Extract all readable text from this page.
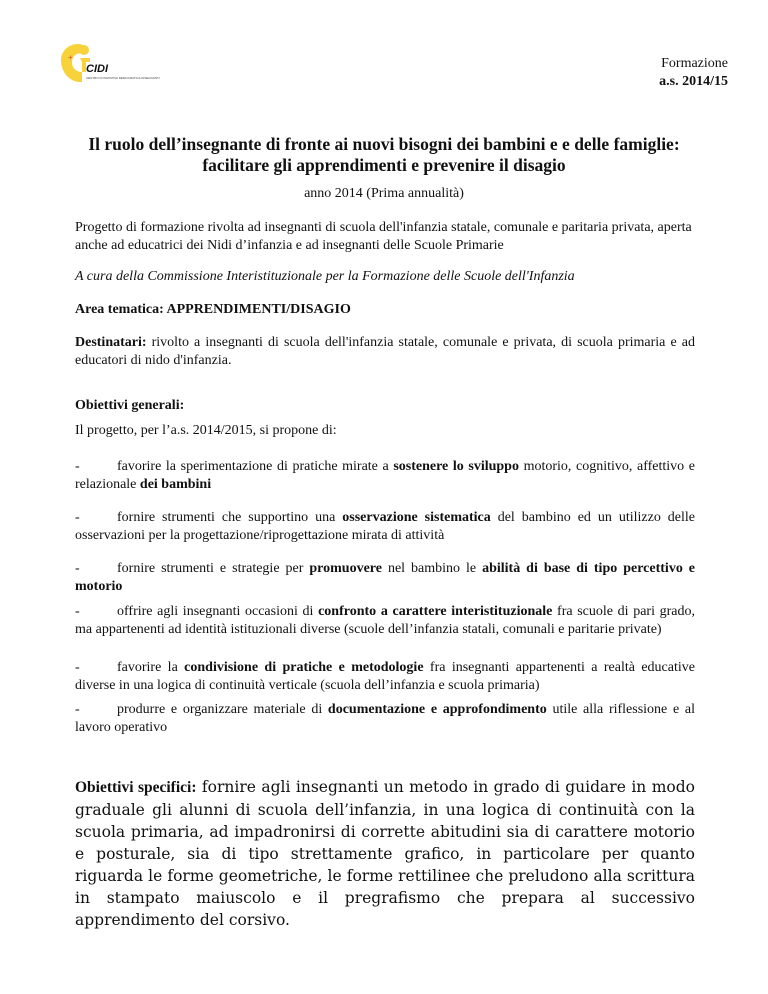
+
CIDI
CENTRO DI INIZIATIVA DEMOCRATICA INSEGNANTI
Formazione
a.s. 2014/15
Il ruolo dell’insegnante di fronte ai nuovi bisogni dei bambini e e delle famiglie:
facilitare gli apprendimenti e prevenire il disagio
anno 2014 (Prima annualità)
Progetto di formazione rivolta ad insegnanti di scuola dell'infanzia statale, comunale e paritaria privata, aperta anche ad educatrici dei Nidi d’infanzia e ad insegnanti delle Scuole Primarie
A cura della Commissione Interistituzionale per la Formazione delle Scuole dell'Infanzia
Area tematica: APPRENDIMENTI/DISAGIO
Destinatari: rivolto a insegnanti di scuola dell'infanzia statale, comunale e privata, di scuola primaria e ad educatori di nido d'infanzia.
Obiettivi generali:
Il progetto, per l’a.s. 2014/2015, si propone di:
-	favorire la sperimentazione di pratiche mirate a sostenere lo sviluppo motorio, cognitivo, affettivo e relazionale dei bambini
-	fornire strumenti che supportino una osservazione sistematica del bambino ed un utilizzo delle osservazioni per la progettazione/riprogettazione mirata di attività
-	fornire strumenti e strategie per promuovere nel bambino le abilità di base di tipo percettivo e motorio
-	offrire agli insegnanti occasioni di confronto a carattere interistituzionale fra scuole di pari grado, ma appartenenti ad identità istituzionali diverse (scuole dell’infanzia statali, comunali e paritarie private)
-	favorire la condivisione di pratiche e metodologie fra insegnanti appartenenti a realtà educative diverse in una logica di continuità verticale (scuola dell’infanzia e scuola primaria)
-	produrre e organizzare materiale di documentazione e approfondimento utile alla riflessione e al lavoro operativo
Obiettivi specifici: fornire agli insegnanti un metodo in grado di guidare in modo graduale gli alunni di scuola dell’infanzia, in una logica di continuità con la scuola primaria, ad impadronirsi di corrette abitudini sia di carattere motorio e posturale, sia di tipo strettamente grafico, in particolare per quanto riguarda le forme geometriche, le forme rettilinee che preludono alla scrittura in stampato maiuscolo e il pregrafismo che prepara al successivo apprendimento del corsivo.
